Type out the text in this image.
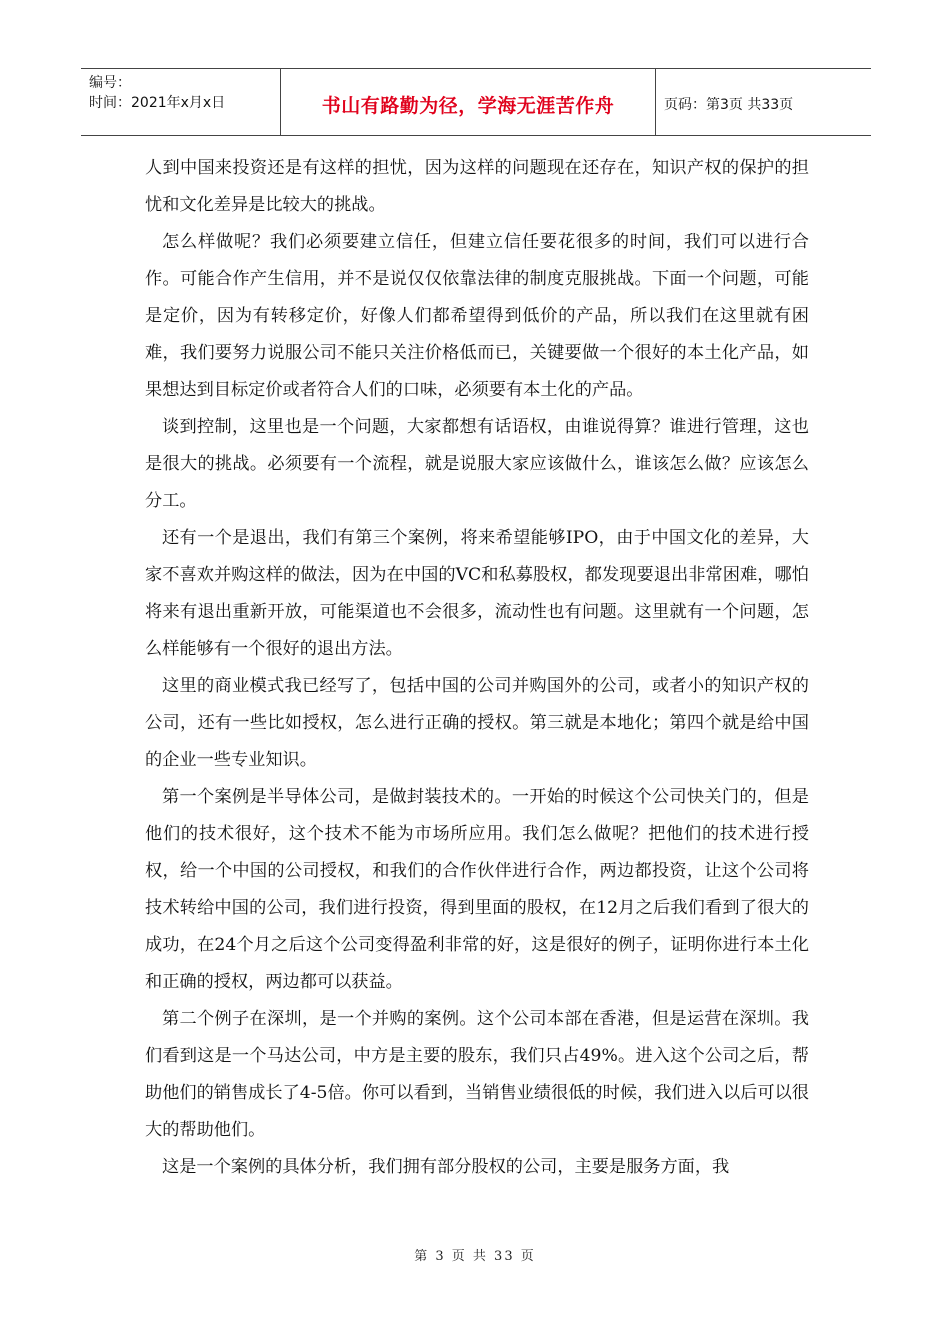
编号：
时间：2021年x月x日	书山有路勤为径，学海无涯苦作舟	页码：第3页 共33页

人到中国来投资还是有这样的担忧，因为这样的问题现在还存在，知识产权的保护的担忧和文化差异是比较大的挑战。

怎么样做呢？我们必须要建立信任，但建立信任要花很多的时间，我们可以进行合作。可能合作产生信用，并不是说仅仅依靠法律的制度克服挑战。下面一个问题，可能是定价，因为有转移定价，好像人们都希望得到低价的产品，所以我们在这里就有困难，我们要努力说服公司不能只关注价格低而已，关键要做一个很好的本土化产品，如果想达到目标定价或者符合人们的口味，必须要有本土化的产品。

谈到控制，这里也是一个问题，大家都想有话语权，由谁说得算？谁进行管理，这也是很大的挑战。必须要有一个流程，就是说服大家应该做什么，谁该怎么做？应该怎么分工。

还有一个是退出，我们有第三个案例，将来希望能够IPO，由于中国文化的差异，大家不喜欢并购这样的做法，因为在中国的VC和私募股权，都发现要退出非常困难，哪怕将来有退出重新开放，可能渠道也不会很多，流动性也有问题。这里就有一个问题，怎么样能够有一个很好的退出方法。

这里的商业模式我已经写了，包括中国的公司并购国外的公司，或者小的知识产权的公司，还有一些比如授权，怎么进行正确的授权。第三就是本地化；第四个就是给中国的企业一些专业知识。

第一个案例是半导体公司，是做封装技术的。一开始的时候这个公司快关门的，但是他们的技术很好，这个技术不能为市场所应用。我们怎么做呢？把他们的技术进行授权，给一个中国的公司授权，和我们的合作伙伴进行合作，两边都投资，让这个公司将技术转给中国的公司，我们进行投资，得到里面的股权，在12月之后我们看到了很大的成功，在24个月之后这个公司变得盈利非常的好，这是很好的例子，证明你进行本土化和正确的授权，两边都可以获益。

第二个例子在深圳，是一个并购的案例。这个公司本部在香港，但是运营在深圳。我们看到这是一个马达公司，中方是主要的股东，我们只占49%。进入这个公司之后，帮助他们的销售成长了4-5倍。你可以看到，当销售业绩很低的时候，我们进入以后可以很大的帮助他们。

这是一个案例的具体分析，我们拥有部分股权的公司，主要是服务方面，我

第 3 页 共 33 页
